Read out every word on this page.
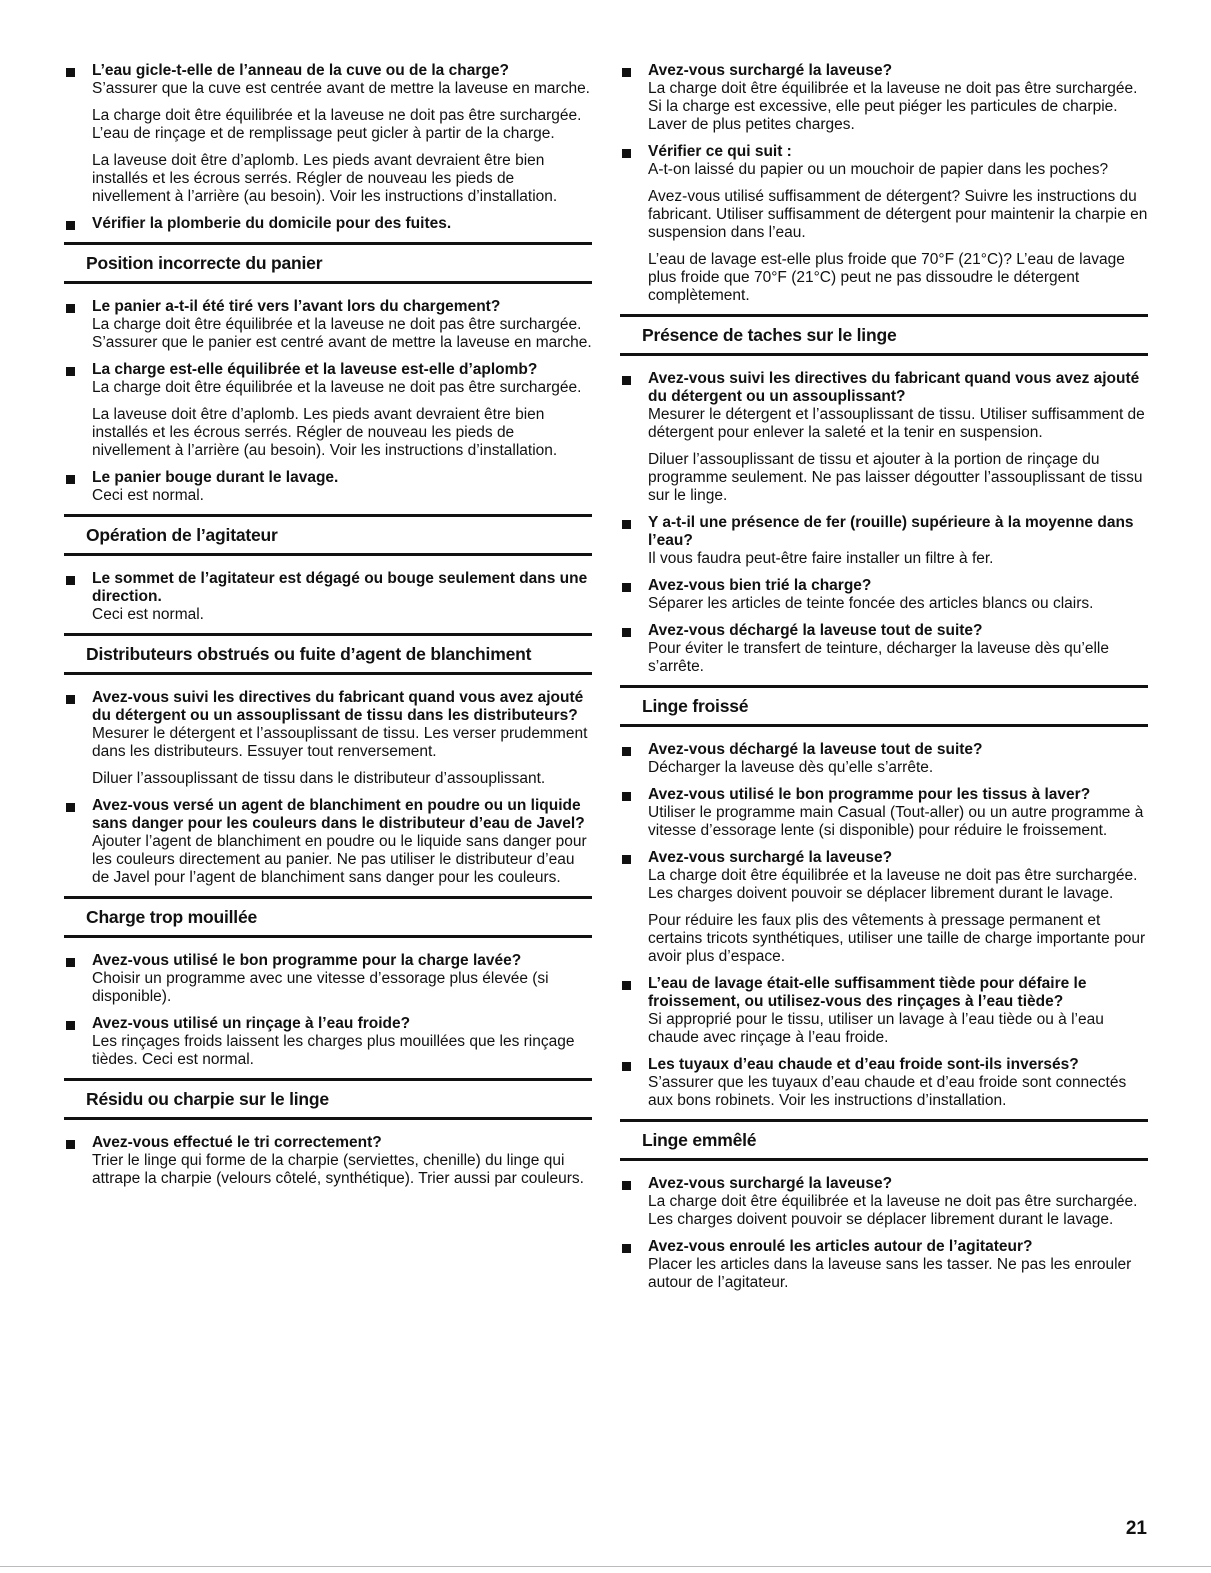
L’eau gicle-t-elle de l’anneau de la cuve ou de la charge?
S’assurer que la cuve est centrée avant de mettre la laveuse en marche.
La charge doit être équilibrée et la laveuse ne doit pas être surchargée. L’eau de rinçage et de remplissage peut gicler à partir de la charge.
La laveuse doit être d’aplomb. Les pieds avant devraient être bien installés et les écrous serrés. Régler de nouveau les pieds de nivellement à l’arrière (au besoin). Voir les instructions d’installation.
Vérifier la plomberie du domicile pour des fuites.
Position incorrecte du panier
Le panier a-t-il été tiré vers l’avant lors du chargement?
La charge doit être équilibrée et la laveuse ne doit pas être surchargée. S’assurer que le panier est centré avant de mettre la laveuse en marche.
La charge est-elle équilibrée et la laveuse est-elle d’aplomb?
La charge doit être équilibrée et la laveuse ne doit pas être surchargée.
La laveuse doit être d’aplomb. Les pieds avant devraient être bien installés et les écrous serrés. Régler de nouveau les pieds de nivellement à l’arrière (au besoin). Voir les instructions d’installation.
Le panier bouge durant le lavage.
Ceci est normal.
Opération de l’agitateur
Le sommet de l’agitateur est dégagé ou bouge seulement dans une direction.
Ceci est normal.
Distributeurs obstrués ou fuite d’agent de blanchiment
Avez-vous suivi les directives du fabricant quand vous avez ajouté du détergent ou un assouplissant de tissu dans les distributeurs?
Mesurer le détergent et l’assouplissant de tissu. Les verser prudemment dans les distributeurs. Essuyer tout renversement.
Diluer l’assouplissant de tissu dans le distributeur d’assouplissant.
Avez-vous versé un agent de blanchiment en poudre ou un liquide sans danger pour les couleurs dans le distributeur d’eau de Javel?
Ajouter l’agent de blanchiment en poudre ou le liquide sans danger pour les couleurs directement au panier. Ne pas utiliser le distributeur d’eau de Javel pour l’agent de blanchiment sans danger pour les couleurs.
Charge trop mouillée
Avez-vous utilisé le bon programme pour la charge lavée?
Choisir un programme avec une vitesse d’essorage plus élevée (si disponible).
Avez-vous utilisé un rinçage à l’eau froide?
Les rinçages froids laissent les charges plus mouillées que les rinçage tièdes. Ceci est normal.
Résidu ou charpie sur le linge
Avez-vous effectué le tri correctement?
Trier le linge qui forme de la charpie (serviettes, chenille) du linge qui attrape la charpie (velours côtelé, synthétique). Trier aussi par couleurs.
Avez-vous surchargé la laveuse?
La charge doit être équilibrée et la laveuse ne doit pas être surchargée. Si la charge est excessive, elle peut piéger les particules de charpie. Laver de plus petites charges.
Vérifier ce qui suit :
A-t-on laissé du papier ou un mouchoir de papier dans les poches?
Avez-vous utilisé suffisamment de détergent? Suivre les instructions du fabricant. Utiliser suffisamment de détergent pour maintenir la charpie en suspension dans l’eau.
L’eau de lavage est-elle plus froide que 70°F (21°C)? L’eau de lavage plus froide que 70°F (21°C) peut ne pas dissoudre le détergent complètement.
Présence de taches sur le linge
Avez-vous suivi les directives du fabricant quand vous avez ajouté du détergent ou un assouplissant?
Mesurer le détergent et l’assouplissant de tissu. Utiliser suffisamment de détergent pour enlever la saleté et la tenir en suspension.
Diluer l’assouplissant de tissu et ajouter à la portion de rinçage du programme seulement. Ne pas laisser dégoutter l’assouplissant de tissu sur le linge.
Y a-t-il une présence de fer (rouille) supérieure à la moyenne dans l’eau?
Il vous faudra peut-être faire installer un filtre à fer.
Avez-vous bien trié la charge?
Séparer les articles de teinte foncée des articles blancs ou clairs.
Avez-vous déchargé la laveuse tout de suite?
Pour éviter le transfert de teinture, décharger la laveuse dès qu’elle s’arrête.
Linge froissé
Avez-vous déchargé la laveuse tout de suite?
Décharger la laveuse dès qu’elle s’arrête.
Avez-vous utilisé le bon programme pour les tissus à laver?
Utiliser le programme main Casual (Tout-aller) ou un autre programme à vitesse d’essorage lente (si disponible) pour réduire le froissement.
Avez-vous surchargé la laveuse?
La charge doit être équilibrée et la laveuse ne doit pas être surchargée. Les charges doivent pouvoir se déplacer librement durant le lavage.
Pour réduire les faux plis des vêtements à pressage permanent et certains tricots synthétiques, utiliser une taille de charge importante pour avoir plus d’espace.
L’eau de lavage était-elle suffisamment tiède pour défaire le froissement, ou utilisez-vous des rinçages à l’eau tiède?
Si approprié pour le tissu, utiliser un lavage à l’eau tiède ou à l’eau chaude avec rinçage à l’eau froide.
Les tuyaux d’eau chaude et d’eau froide sont-ils inversés?
S’assurer que les tuyaux d’eau chaude et d’eau froide sont connectés aux bons robinets. Voir les instructions d’installation.
Linge emmêlé
Avez-vous surchargé la laveuse?
La charge doit être équilibrée et la laveuse ne doit pas être surchargée. Les charges doivent pouvoir se déplacer librement durant le lavage.
Avez-vous enroulé les articles autour de l’agitateur?
Placer les articles dans la laveuse sans les tasser. Ne pas les enrouler autour de l’agitateur.
21
